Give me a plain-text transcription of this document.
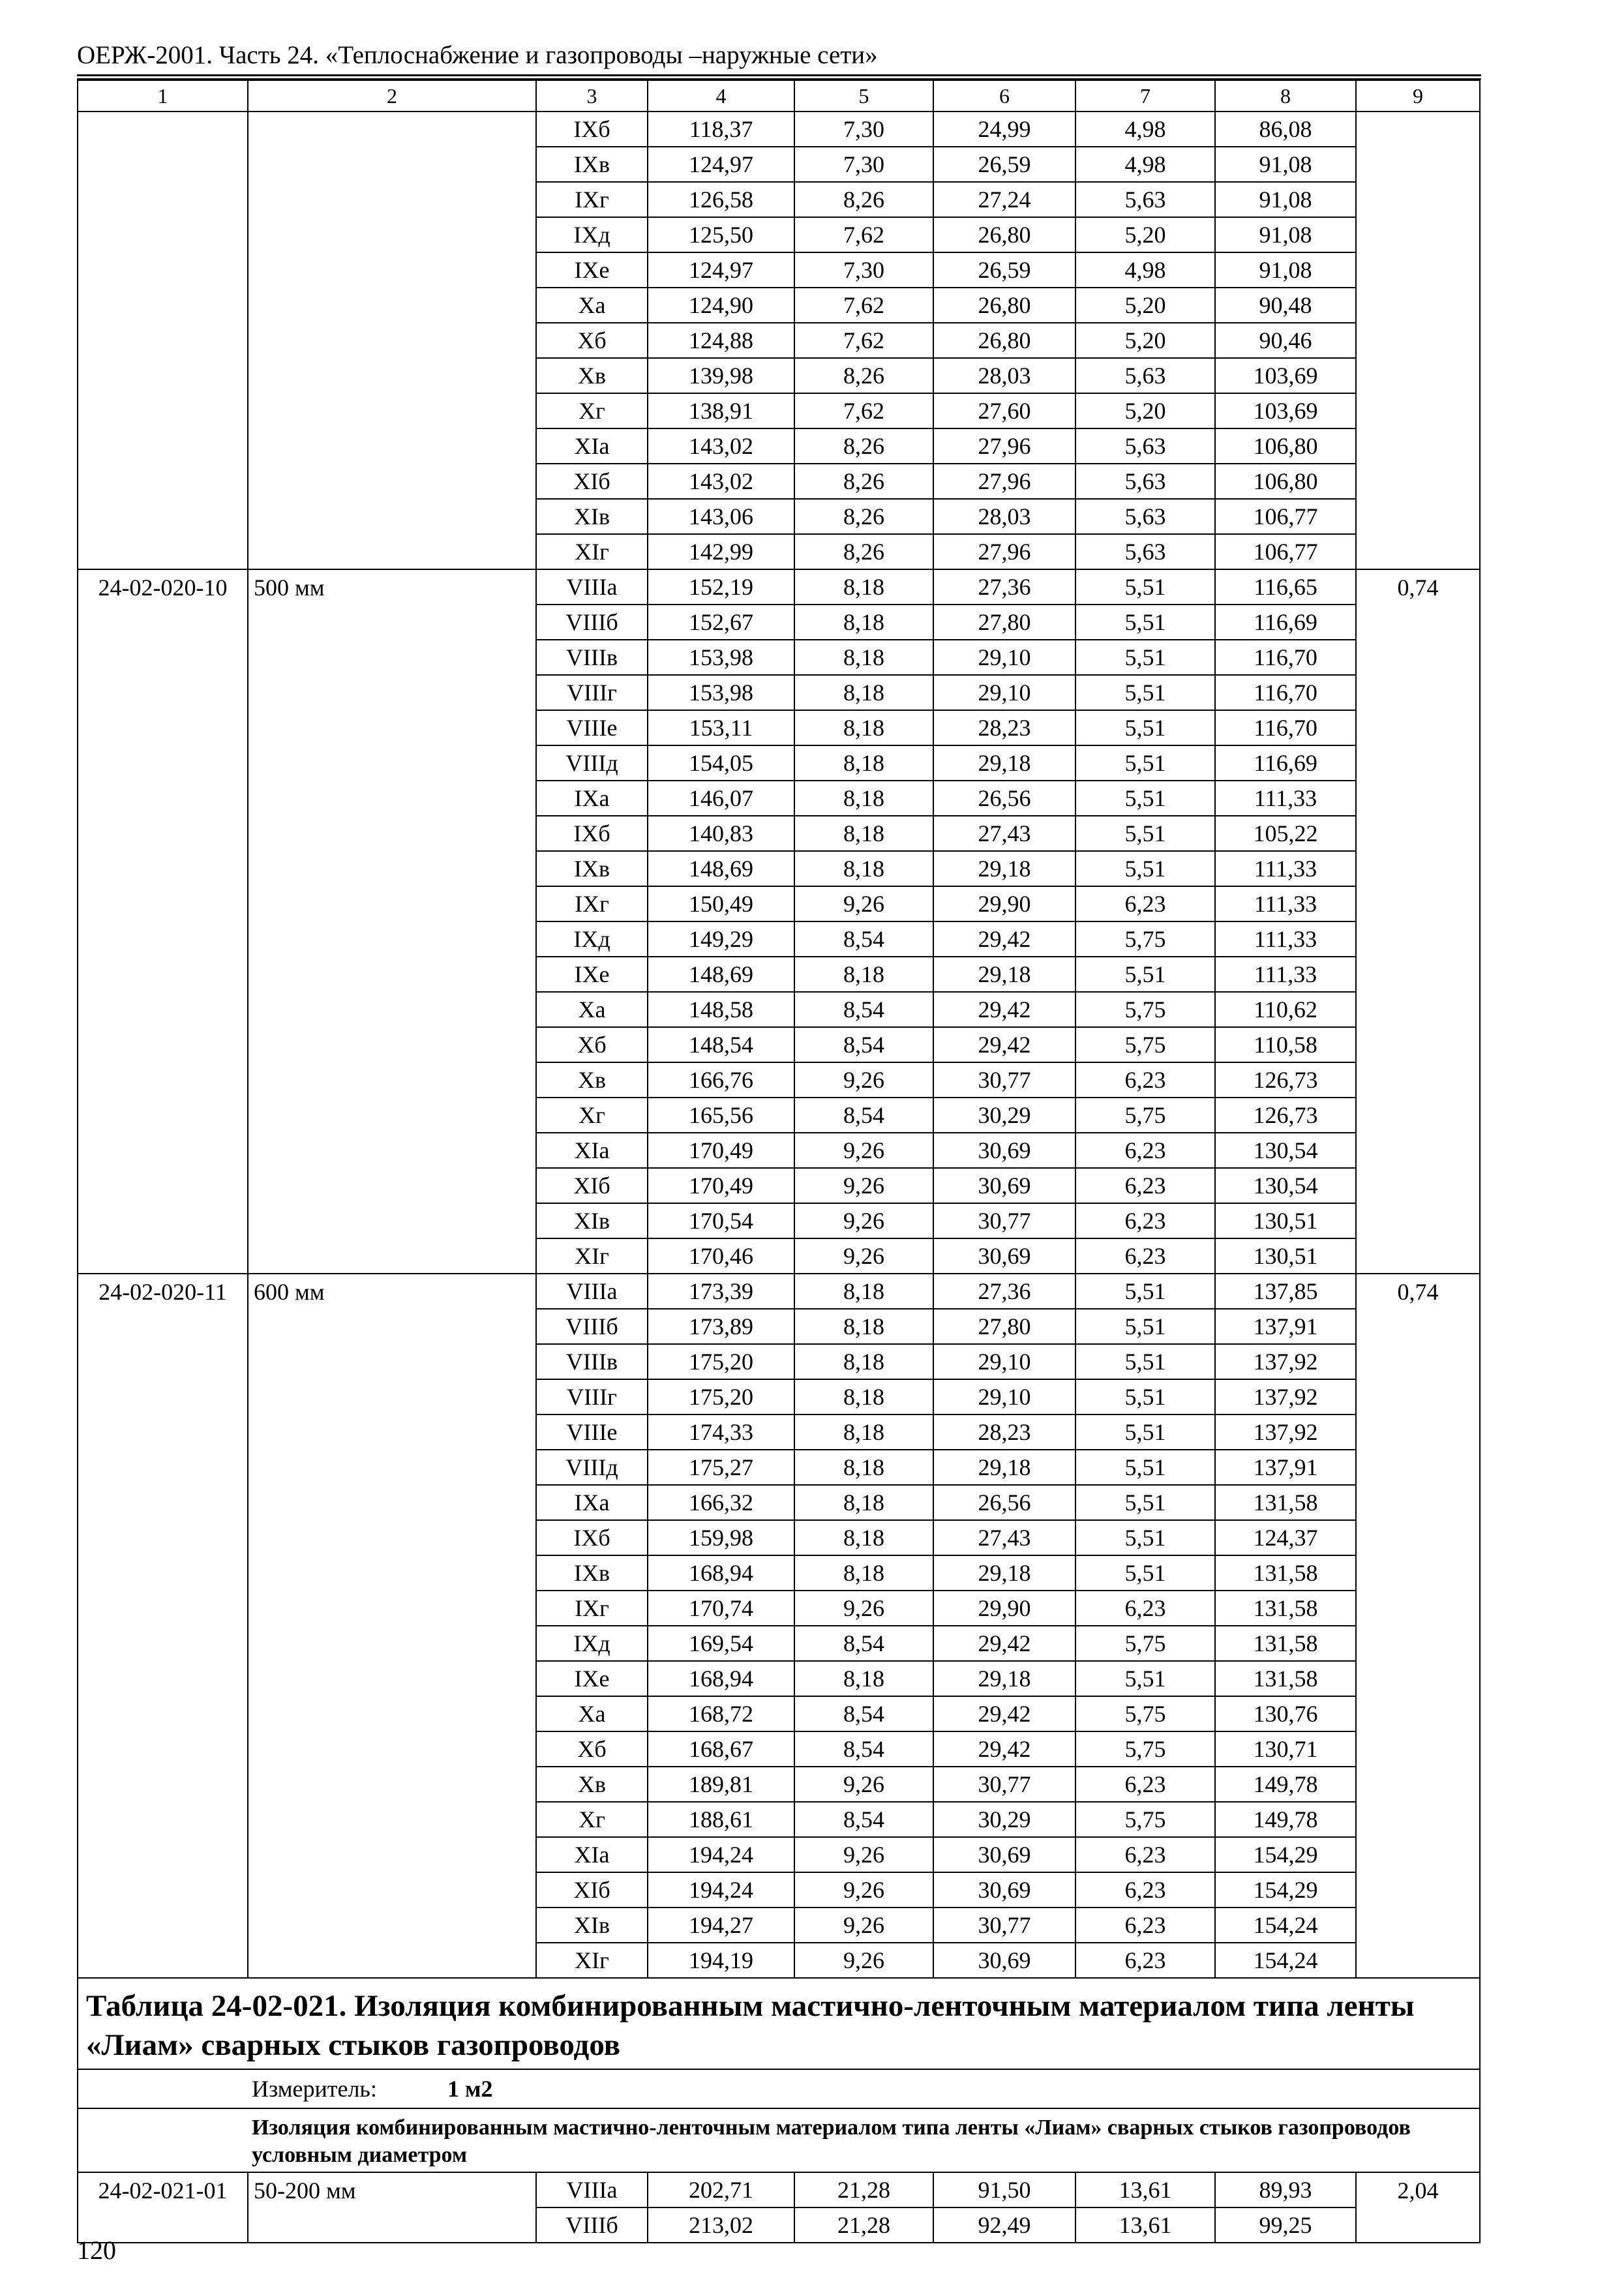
ОЕРЖ-2001. Часть 24. «Теплоснабжение и газопроводы –наружные сети»
1	2	3	4	5	6	7	8	9
		IXб	118,37	7,30	24,99	4,98	86,08	
		IXв	124,97	7,30	26,59	4,98	91,08	
		IXг	126,58	8,26	27,24	5,63	91,08	
		IXд	125,50	7,62	26,80	5,20	91,08	
		IXе	124,97	7,30	26,59	4,98	91,08	
		Xa	124,90	7,62	26,80	5,20	90,48	
		Xб	124,88	7,62	26,80	5,20	90,46	
		Xв	139,98	8,26	28,03	5,63	103,69	
		Xг	138,91	7,62	27,60	5,20	103,69	
		XIa	143,02	8,26	27,96	5,63	106,80	
		XIб	143,02	8,26	27,96	5,63	106,80	
		XIв	143,06	8,26	28,03	5,63	106,77	
		XIг	142,99	8,26	27,96	5,63	106,77	
24-02-020-10	500 мм	VIIIa	152,19	8,18	27,36	5,51	116,65	0,74
		VIIIб	152,67	8,18	27,80	5,51	116,69	
		VIIIв	153,98	8,18	29,10	5,51	116,70	
		VIIIг	153,98	8,18	29,10	5,51	116,70	
		VIIIе	153,11	8,18	28,23	5,51	116,70	
		VIIIд	154,05	8,18	29,18	5,51	116,69	
		IXa	146,07	8,18	26,56	5,51	111,33	
		IXб	140,83	8,18	27,43	5,51	105,22	
		IXв	148,69	8,18	29,18	5,51	111,33	
		IXг	150,49	9,26	29,90	6,23	111,33	
		IXд	149,29	8,54	29,42	5,75	111,33	
		IXе	148,69	8,18	29,18	5,51	111,33	
		Xa	148,58	8,54	29,42	5,75	110,62	
		Xб	148,54	8,54	29,42	5,75	110,58	
		Xв	166,76	9,26	30,77	6,23	126,73	
		Xг	165,56	8,54	30,29	5,75	126,73	
		XIa	170,49	9,26	30,69	6,23	130,54	
		XIб	170,49	9,26	30,69	6,23	130,54	
		XIв	170,54	9,26	30,77	6,23	130,51	
		XIг	170,46	9,26	30,69	6,23	130,51	
24-02-020-11	600 мм	VIIIa	173,39	8,18	27,36	5,51	137,85	0,74
		VIIIб	173,89	8,18	27,80	5,51	137,91	
		VIIIв	175,20	8,18	29,10	5,51	137,92	
		VIIIг	175,20	8,18	29,10	5,51	137,92	
		VIIIе	174,33	8,18	28,23	5,51	137,92	
		VIIIд	175,27	8,18	29,18	5,51	137,91	
		IXa	166,32	8,18	26,56	5,51	131,58	
		IXб	159,98	8,18	27,43	5,51	124,37	
		IXв	168,94	8,18	29,18	5,51	131,58	
		IXг	170,74	9,26	29,90	6,23	131,58	
		IXд	169,54	8,54	29,42	5,75	131,58	
		IXе	168,94	8,18	29,18	5,51	131,58	
		Xa	168,72	8,54	29,42	5,75	130,76	
		Xб	168,67	8,54	29,42	5,75	130,71	
		Xв	189,81	9,26	30,77	6,23	149,78	
		Xг	188,61	8,54	30,29	5,75	149,78	
		XIa	194,24	9,26	30,69	6,23	154,29	
		XIб	194,24	9,26	30,69	6,23	154,29	
		XIв	194,27	9,26	30,77	6,23	154,24	
		XIг	194,19	9,26	30,69	6,23	154,24	
Таблица 24-02-021. Изоляция комбинированным мастично-ленточным материалом типа ленты «Лиам» сварных стыков газопроводов								
Измеритель: 1 м2								
Изоляция комбинированным мастично-ленточным материалом типа ленты «Лиам» сварных стыков газопроводов условным диаметром								
24-02-021-01	50-200 мм	VIIIa	202,71	21,28	91,50	13,61	89,93	2,04
		VIIIб	213,02	21,28	92,49	13,61	99,25	
120
